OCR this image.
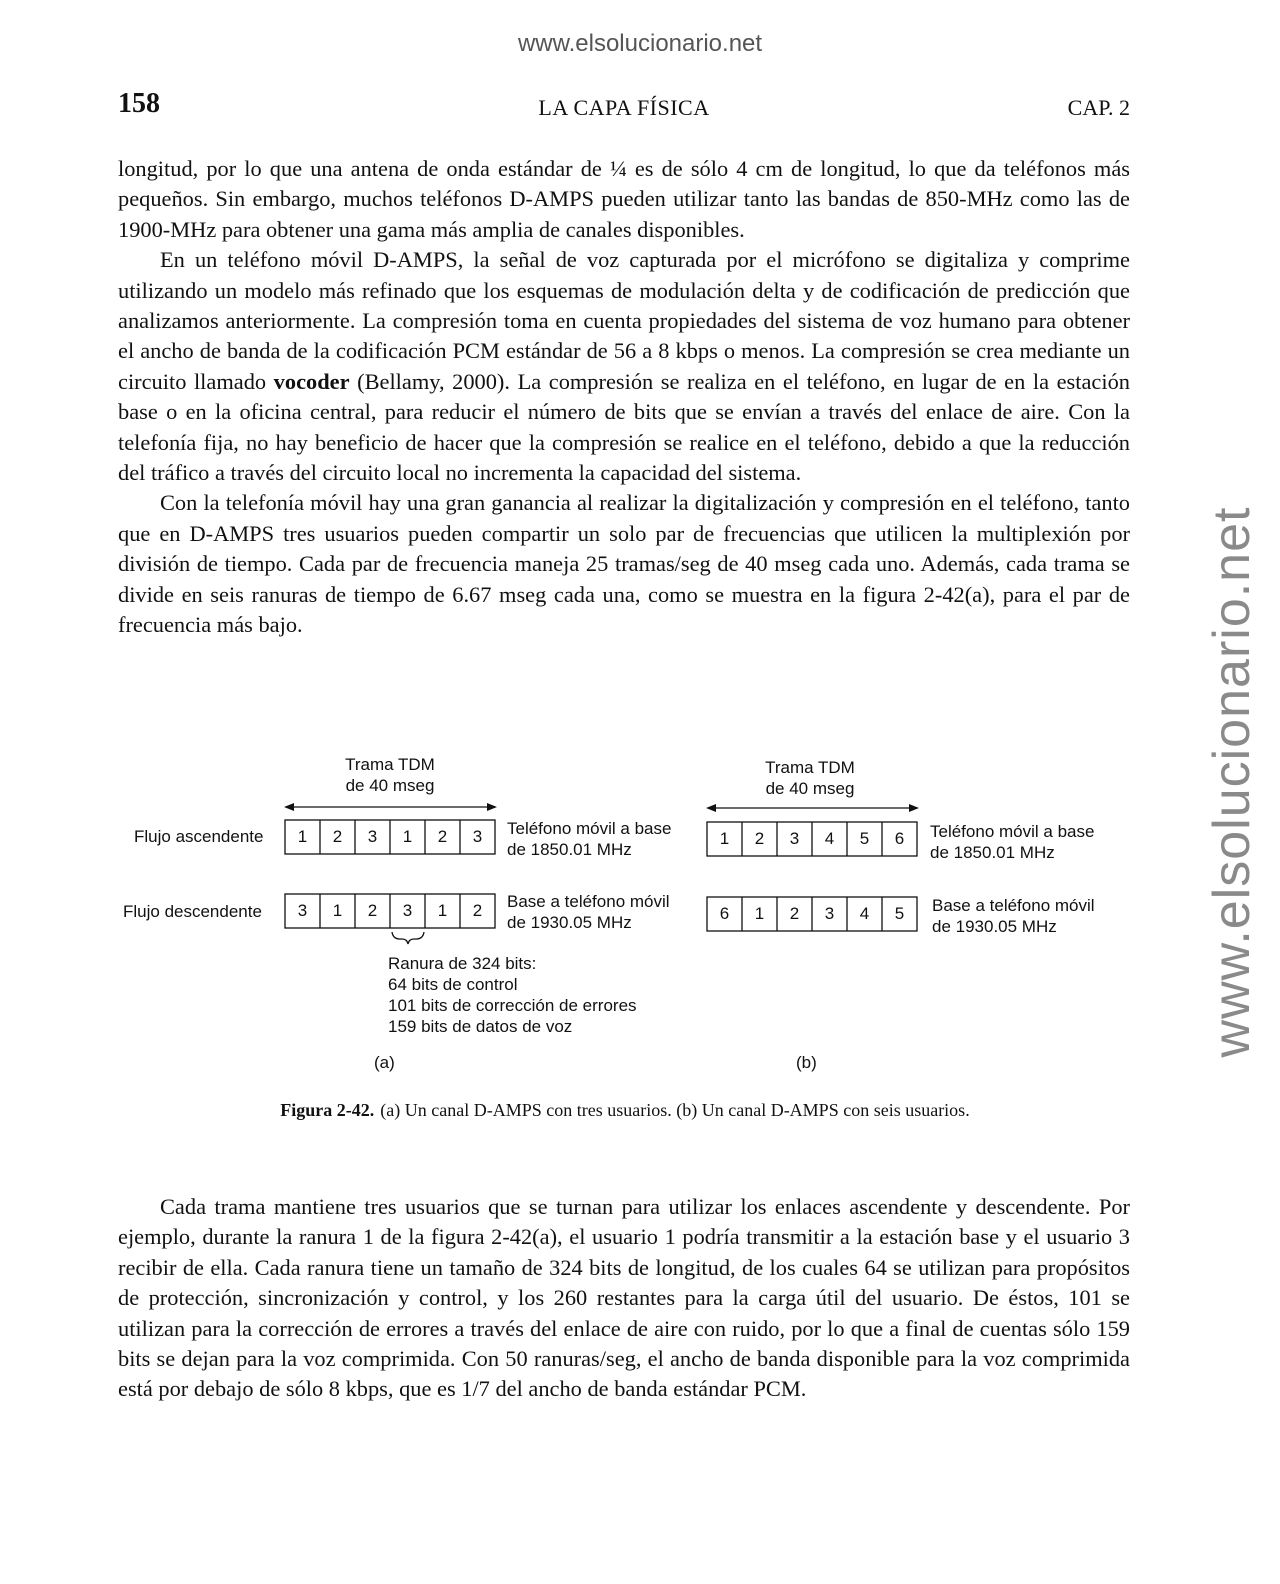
www.elsolucionario.net
www.elsolucionario.net
158	LA CAPA FÍSICA	CAP. 2

longitud, por lo que una antena de onda estándar de ¼ es de sólo 4 cm de longitud, lo que da teléfonos más pequeños. Sin embargo, muchos teléfonos D-AMPS pueden utilizar tanto las bandas de 850-MHz como las de 1900-MHz para obtener una gama más amplia de canales disponibles.

En un teléfono móvil D-AMPS, la señal de voz capturada por el micrófono se digitaliza y comprime utilizando un modelo más refinado que los esquemas de modulación delta y de codificación de predicción que analizamos anteriormente. La compresión toma en cuenta propiedades del sistema de voz humano para obtener el ancho de banda de la codificación PCM estándar de 56 a 8 kbps o menos. La compresión se crea mediante un circuito llamado vocoder (Bellamy, 2000). La compresión se realiza en el teléfono, en lugar de en la estación base o en la oficina central, para reducir el número de bits que se envían a través del enlace de aire. Con la telefonía fija, no hay beneficio de hacer que la compresión se realice en el teléfono, debido a que la reducción del tráfico a través del circuito local no incrementa la capacidad del sistema.

Con la telefonía móvil hay una gran ganancia al realizar la digitalización y compresión en el teléfono, tanto que en D-AMPS tres usuarios pueden compartir un solo par de frecuencias que utilicen la multiplexión por división de tiempo. Cada par de frecuencia maneja 25 tramas/seg de 40 mseg cada uno. Además, cada trama se divide en seis ranuras de tiempo de 6.67 mseg cada una, como se muestra en la figura 2-42(a), para el par de frecuencia más bajo.

Trama TDM
de 40 mseg
Flujo ascendente
Flujo descendente
1	2	3	1	2	3
3	1	2	3	1	2
Teléfono móvil a base
de 1850.01 MHz
Base a teléfono móvil
de 1930.05 MHz
Ranura de 324 bits:
64 bits de control
101 bits de corrección de errores
159 bits de datos de voz
(a)
Trama TDM
de 40 mseg
1	2	3	4	5	6
6	1	2	3	4	5
Teléfono móvil a base
de 1850.01 MHz
Base a teléfono móvil
de 1930.05 MHz
(b)
Figura 2-42. (a) Un canal D-AMPS con tres usuarios. (b) Un canal D-AMPS con seis usuarios.

Cada trama mantiene tres usuarios que se turnan para utilizar los enlaces ascendente y descendente. Por ejemplo, durante la ranura 1 de la figura 2-42(a), el usuario 1 podría transmitir a la estación base y el usuario 3 recibir de ella. Cada ranura tiene un tamaño de 324 bits de longitud, de los cuales 64 se utilizan para propósitos de protección, sincronización y control, y los 260 restantes para la carga útil del usuario. De éstos, 101 se utilizan para la corrección de errores a través del enlace de aire con ruido, por lo que a final de cuentas sólo 159 bits se dejan para la voz comprimida. Con 50 ranuras/seg, el ancho de banda disponible para la voz comprimida está por debajo de sólo 8 kbps, que es 1/7 del ancho de banda estándar PCM.
